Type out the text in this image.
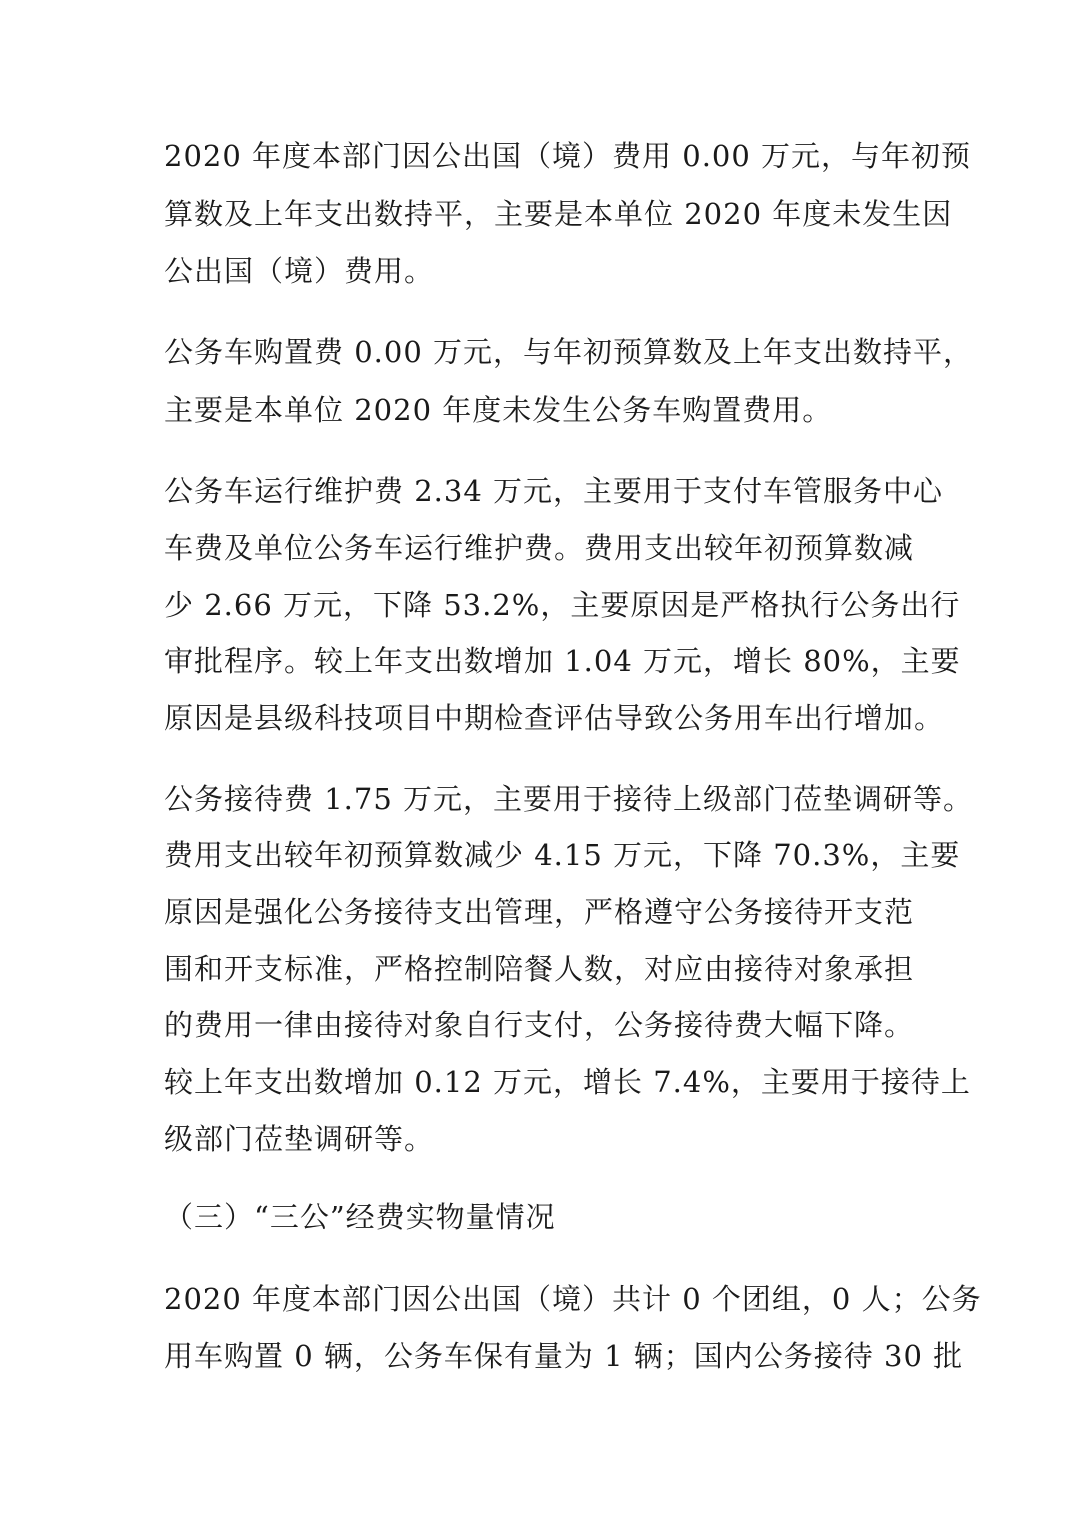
2020 年度本部门因公出国（境）费用 0.00 万元，与年初预
算数及上年支出数持平，主要是本单位 2020 年度未发生因
公出国（境）费用。
公务车购置费 0.00 万元，与年初预算数及上年支出数持平，
主要是本单位 2020 年度未发生公务车购置费用。
公务车运行维护费 2.34 万元，主要用于支付车管服务中心
车费及单位公务车运行维护费。费用支出较年初预算数减
少 2.66 万元，下降 53.2%，主要原因是严格执行公务出行
审批程序。较上年支出数增加 1.04 万元，增长 80%，主要
原因是县级科技项目中期检查评估导致公务用车出行增加。
公务接待费 1.75 万元，主要用于接待上级部门莅垫调研等。
费用支出较年初预算数减少 4.15 万元，下降 70.3%，主要
原因是强化公务接待支出管理，严格遵守公务接待开支范
围和开支标准，严格控制陪餐人数，对应由接待对象承担
的费用一律由接待对象自行支付，公务接待费大幅下降。
较上年支出数增加 0.12 万元，增长 7.4%，主要用于接待上
级部门莅垫调研等。
（三）“三公”经费实物量情况
2020 年度本部门因公出国（境）共计 0 个团组，0 人；公务
用车购置 0 辆，公务车保有量为 1 辆；国内公务接待 30 批
